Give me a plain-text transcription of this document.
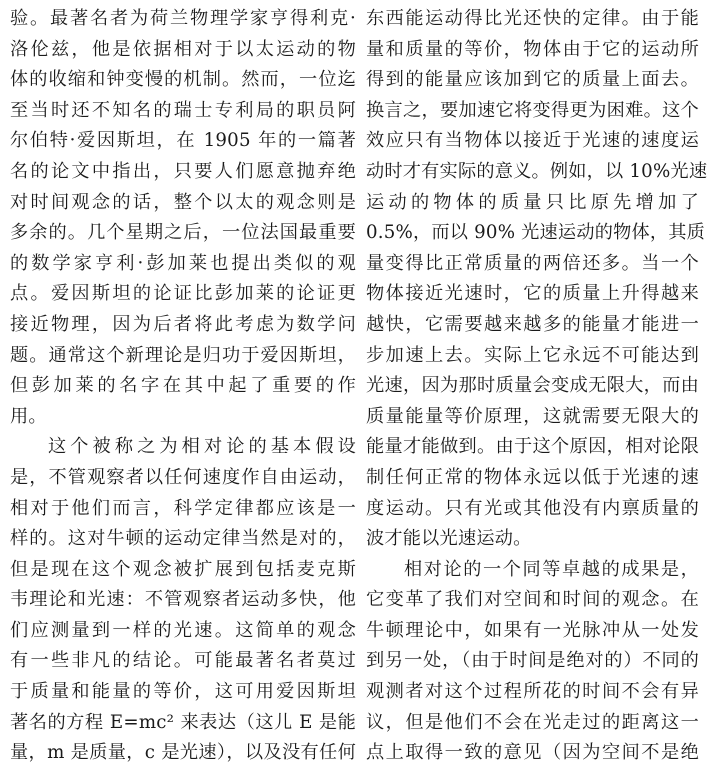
验。最著名者为荷兰物理学家亨得利克·
洛伦兹，他是依据相对于以太运动的物
体的收缩和钟变慢的机制。然而，一位迄
至当时还不知名的瑞士专利局的职员阿
尔伯特·爱因斯坦，在 1905 年的一篇著
名的论文中指出，只要人们愿意抛弃绝
对时间观念的话，整个以太的观念则是
多余的。几个星期之后，一位法国最重要
的数学家亨利·彭加莱也提出类似的观
点。爱因斯坦的论证比彭加莱的论证更
接近物理，因为后者将此考虑为数学问
题。通常这个新理论是归功于爱因斯坦，
但彭加莱的名字在其中起了重要的作
用。
这个被称之为相对论的基本假设
是，不管观察者以任何速度作自由运动，
相对于他们而言，科学定律都应该是一
样的。这对牛顿的运动定律当然是对的，
但是现在这个观念被扩展到包括麦克斯
韦理论和光速：不管观察者运动多快，他
们应测量到一样的光速。这简单的观念
有一些非凡的结论。可能最著名者莫过
于质量和能量的等价，这可用爱因斯坦
著名的方程 E=mc² 来表达（这儿 E 是能
量，m 是质量，c 是光速），以及没有任何
东西能运动得比光还快的定律。由于能
量和质量的等价，物体由于它的运动所
得到的能量应该加到它的质量上面去。
换言之，要加速它将变得更为困难。这个
效应只有当物体以接近于光速的速度运
动时才有实际的意义。例如，以 10%光速
运动的物体的质量只比原先增加了
0.5%，而以 90% 光速运动的物体，其质
量变得比正常质量的两倍还多。当一个
物体接近光速时，它的质量上升得越来
越快，它需要越来越多的能量才能进一
步加速上去。实际上它永远不可能达到
光速，因为那时质量会变成无限大，而由
质量能量等价原理，这就需要无限大的
能量才能做到。由于这个原因，相对论限
制任何正常的物体永远以低于光速的速
度运动。只有光或其他没有内禀质量的
波才能以光速运动。
相对论的一个同等卓越的成果是，
它变革了我们对空间和时间的观念。在
牛顿理论中，如果有一光脉冲从一处发
到另一处，（由于时间是绝对的）不同的
观测者对这个过程所花的时间不会有异
议，但是他们不会在光走过的距离这一
点上取得一致的意见（因为空间不是绝
